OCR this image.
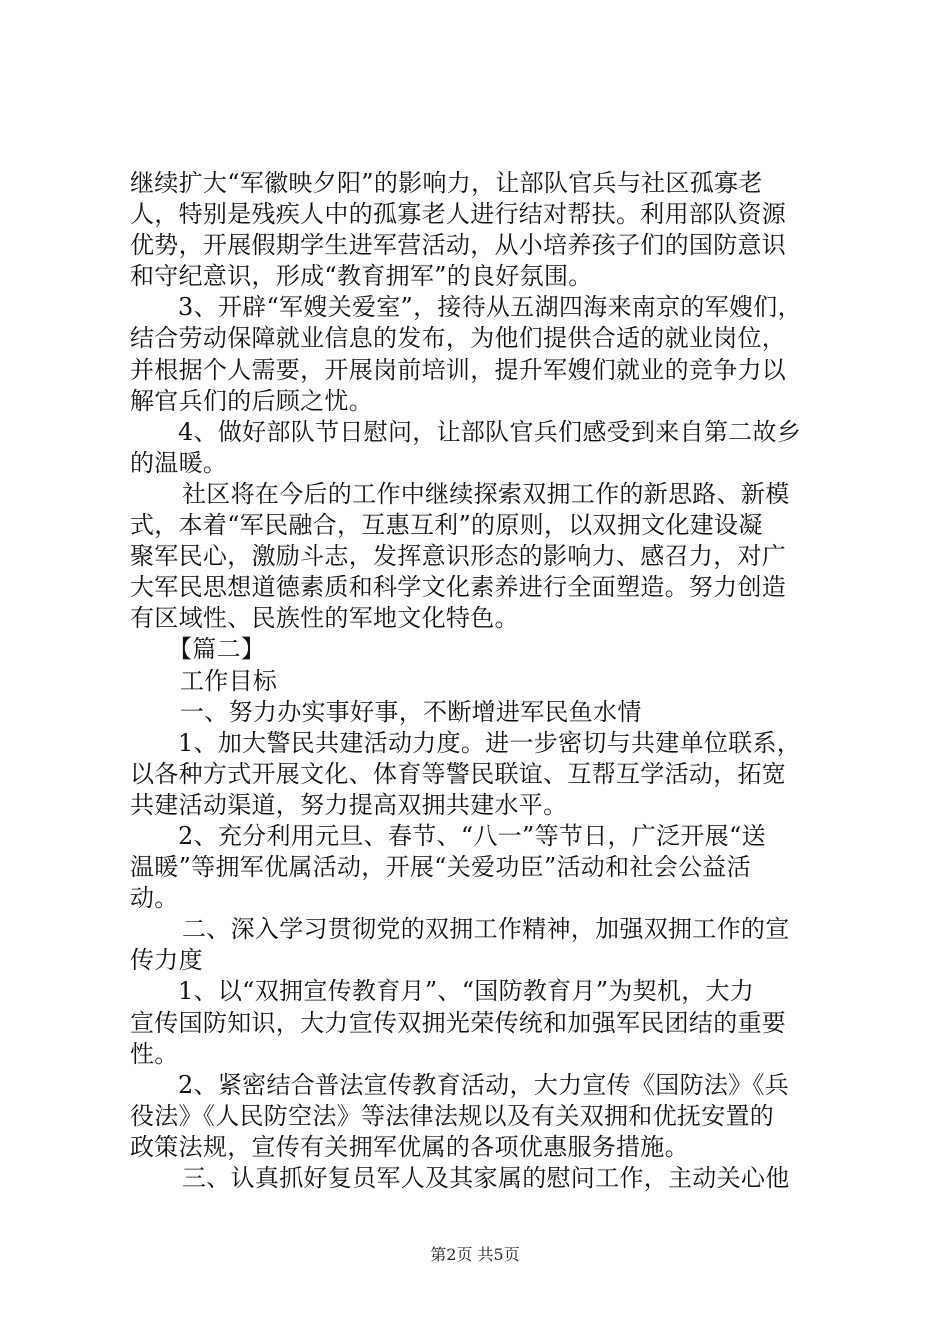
继续扩大“军徽映夕阳”的影响力，让部队官兵与社区孤寡老
人，特别是残疾人中的孤寡老人进行结对帮扶。利用部队资源
优势，开展假期学生进军营活动，从小培养孩子们的国防意识
和守纪意识，形成“教育拥军”的良好氛围。
3、开辟“军嫂关爱室”，接待从五湖四海来南京的军嫂们，
结合劳动保障就业信息的发布，为他们提供合适的就业岗位，
并根据个人需要，开展岗前培训，提升军嫂们就业的竞争力以
解官兵们的后顾之忧。
4、做好部队节日慰问，让部队官兵们感受到来自第二故乡
的温暖。
社区将在今后的工作中继续探索双拥工作的新思路、新模
式，本着“军民融合，互惠互利”的原则，以双拥文化建设凝
聚军民心，激励斗志，发挥意识形态的影响力、感召力，对广
大军民思想道德素质和科学文化素养进行全面塑造。努力创造
有区域性、民族性的军地文化特色。
【篇二】
工作目标
一、努力办实事好事，不断增进军民鱼水情
1、加大警民共建活动力度。进一步密切与共建单位联系，
以各种方式开展文化、体育等警民联谊、互帮互学活动，拓宽
共建活动渠道，努力提高双拥共建水平。
2、充分利用元旦、春节、“八一”等节日，广泛开展“送
温暖”等拥军优属活动，开展“关爱功臣”活动和社会公益活
动。
二、深入学习贯彻党的双拥工作精神，加强双拥工作的宣
传力度
1、以“双拥宣传教育月”、“国防教育月”为契机，大力
宣传国防知识，大力宣传双拥光荣传统和加强军民团结的重要
性。
2、紧密结合普法宣传教育活动，大力宣传《国防法》《兵
役法》《人民防空法》等法律法规以及有关双拥和优抚安置的
政策法规，宣传有关拥军优属的各项优惠服务措施。
三、认真抓好复员军人及其家属的慰问工作，主动关心他
第2页 共5页
